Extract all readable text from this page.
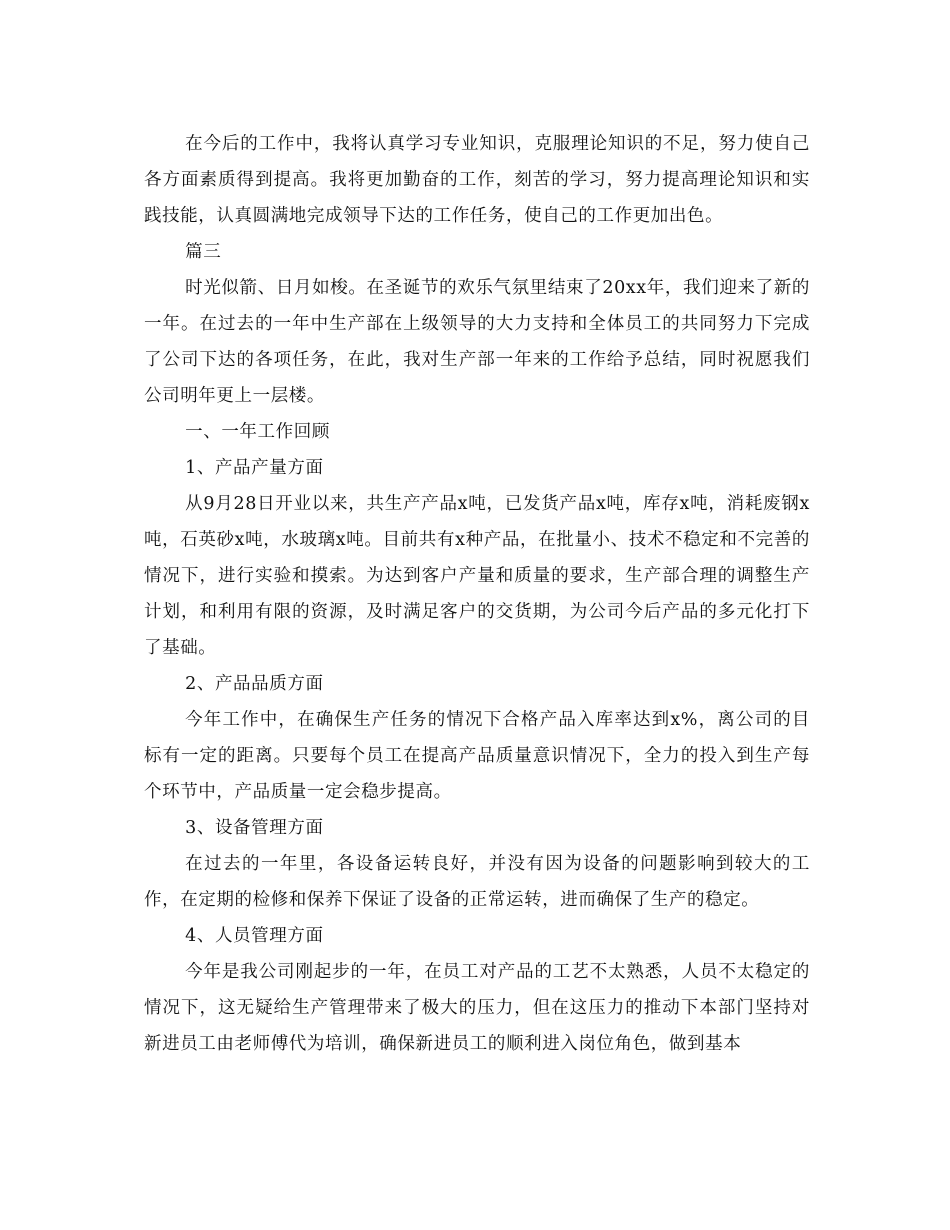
在今后的工作中，我将认真学习专业知识，克服理论知识的不足，努力使自己各方面素质得到提高。我将更加勤奋的工作，刻苦的学习，努力提高理论知识和实践技能，认真圆满地完成领导下达的工作任务，使自己的工作更加出色。

篇三

时光似箭、日月如梭。在圣诞节的欢乐气氛里结束了20xx年，我们迎来了新的一年。在过去的一年中生产部在上级领导的大力支持和全体员工的共同努力下完成了公司下达的各项任务，在此，我对生产部一年来的工作给予总结，同时祝愿我们公司明年更上一层楼。

一、一年工作回顾

1、产品产量方面

从9月28日开业以来，共生产产品x吨，已发货产品x吨，库存x吨，消耗废钢x吨，石英砂x吨，水玻璃x吨。目前共有x种产品，在批量小、技术不稳定和不完善的情况下，进行实验和摸索。为达到客户产量和质量的要求，生产部合理的调整生产计划，和利用有限的资源，及时满足客户的交货期，为公司今后产品的多元化打下了基础。

2、产品品质方面

今年工作中，在确保生产任务的情况下合格产品入库率达到x%，离公司的目标有一定的距离。只要每个员工在提高产品质量意识情况下，全力的投入到生产每个环节中，产品质量一定会稳步提高。

3、设备管理方面

在过去的一年里，各设备运转良好，并没有因为设备的问题影响到较大的工作，在定期的检修和保养下保证了设备的正常运转，进而确保了生产的稳定。

4、人员管理方面

今年是我公司刚起步的一年，在员工对产品的工艺不太熟悉，人员不太稳定的情况下，这无疑给生产管理带来了极大的压力，但在这压力的推动下本部门坚持对新进员工由老师傅代为培训，确保新进员工的顺利进入岗位角色，做到基本
